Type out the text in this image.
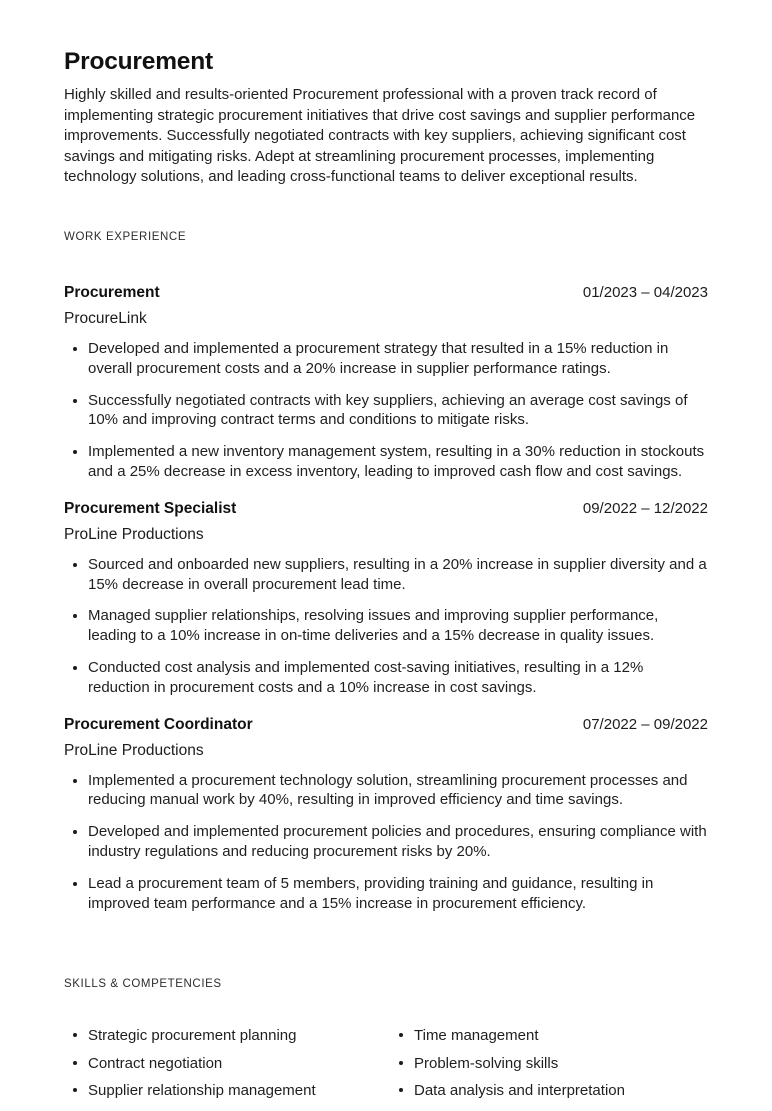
Procurement

Highly skilled and results-oriented Procurement professional with a proven track record of implementing strategic procurement initiatives that drive cost savings and supplier performance improvements. Successfully negotiated contracts with key suppliers, achieving significant cost savings and mitigating risks. Adept at streamlining procurement processes, implementing technology solutions, and leading cross-functional teams to deliver exceptional results.

WORK EXPERIENCE
Procurement	01/2023 – 04/2023
ProcureLink
Developed and implemented a procurement strategy that resulted in a 15% reduction in overall procurement costs and a 20% increase in supplier performance ratings.
Successfully negotiated contracts with key suppliers, achieving an average cost savings of 10% and improving contract terms and conditions to mitigate risks.
Implemented a new inventory management system, resulting in a 30% reduction in stockouts and a 25% decrease in excess inventory, leading to improved cash flow and cost savings.
Procurement Specialist	09/2022 – 12/2022
ProLine Productions
Sourced and onboarded new suppliers, resulting in a 20% increase in supplier diversity and a 15% decrease in overall procurement lead time.
Managed supplier relationships, resolving issues and improving supplier performance, leading to a 10% increase in on-time deliveries and a 15% decrease in quality issues.
Conducted cost analysis and implemented cost-saving initiatives, resulting in a 12% reduction in procurement costs and a 10% increase in cost savings.
Procurement Coordinator	07/2022 – 09/2022
ProLine Productions
Implemented a procurement technology solution, streamlining procurement processes and reducing manual work by 40%, resulting in improved efficiency and time savings.
Developed and implemented procurement policies and procedures, ensuring compliance with industry regulations and reducing procurement risks by 20%.
Lead a procurement team of 5 members, providing training and guidance, resulting in improved team performance and a 15% increase in procurement efficiency.
SKILLS & COMPETENCIES
Strategic procurement planning	Time management
Contract negotiation	Problem-solving skills
Supplier relationship management	Data analysis and interpretation
